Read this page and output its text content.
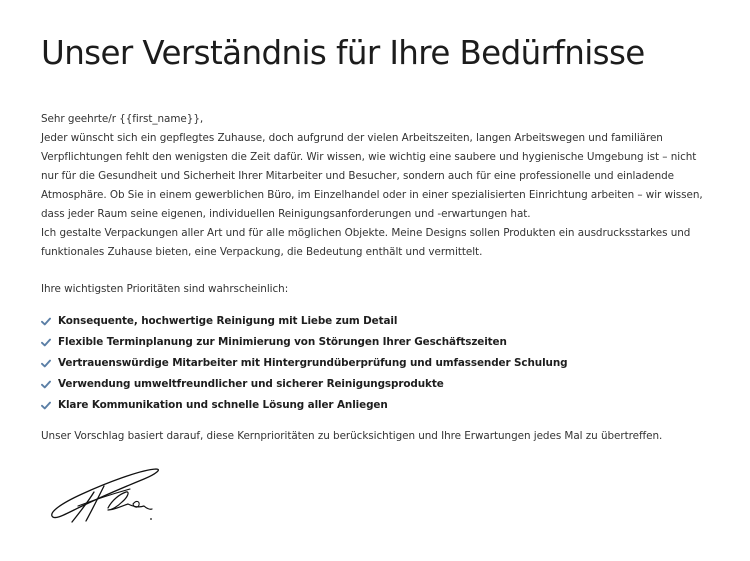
Unser Verständnis für Ihre Bedürfnisse

Sehr geehrte/r {{first_name}},

Jeder wünscht sich ein gepflegtes Zuhause, doch aufgrund der vielen Arbeitszeiten, langen Arbeitswegen und familiären Verpflichtungen fehlt den wenigsten die Zeit dafür. Wir wissen, wie wichtig eine saubere und hygienische Umgebung ist – nicht nur für die Gesundheit und Sicherheit Ihrer Mitarbeiter und Besucher, sondern auch für eine professionelle und einladende Atmosphäre. Ob Sie in einem gewerblichen Büro, im Einzelhandel oder in einer spezialisierten Einrichtung arbeiten – wir wissen, dass jeder Raum seine eigenen, individuellen Reinigungsanforderungen und -erwartungen hat.

Ich gestalte Verpackungen aller Art und für alle möglichen Objekte. Meine Designs sollen Produkten ein ausdrucksstarkes und funktionales Zuhause bieten, eine Verpackung, die Bedeutung enthält und vermittelt.

Ihre wichtigsten Prioritäten sind wahrscheinlich:
Konsequente, hochwertige Reinigung mit Liebe zum Detail
Flexible Terminplanung zur Minimierung von Störungen Ihrer Geschäftszeiten
Vertrauenswürdige Mitarbeiter mit Hintergrundüberprüfung und umfassender Schulung
Verwendung umweltfreundlicher und sicherer Reinigungsprodukte
Klare Kommunikation und schnelle Lösung aller Anliegen
Unser Vorschlag basiert darauf, diese Kernprioritäten zu berücksichtigen und Ihre Erwartungen jedes Mal zu übertreffen.
